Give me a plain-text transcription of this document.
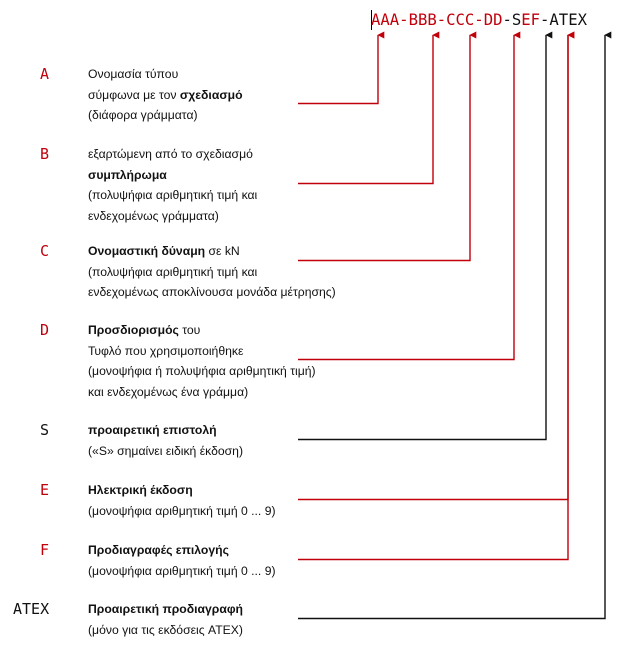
AAA-BBB-CCC-DD-SEF-ATEX
A	Ονομασία τύπου
σύμφωνα με τον σχεδιασμό
(διάφορα γράμματα)
B	εξαρτώμενη από το σχεδιασμό
συμπλήρωμα
(πολυψήφια αριθμητική τιμή και
ενδεχομένως γράμματα)
C	Ονομαστική δύναμη σε kN
(πολυψήφια αριθμητική τιμή και
ενδεχομένως αποκλίνουσα μονάδα μέτρησης)
D	Προσδιορισμός του
Τυφλό που χρησιμοποιήθηκε
(μονοψήφια ή πολυψήφια αριθμητική τιμή)
και ενδεχομένως ένα γράμμα)
S	προαιρετική επιστολή
(«S» σημαίνει ειδική έκδοση)
E	Ηλεκτρική έκδοση
(μονοψήφια αριθμητική τιμή 0 ... 9)
F	Προδιαγραφές επιλογής
(μονοψήφια αριθμητική τιμή 0 ... 9)
ATEX	Προαιρετική προδιαγραφή
(μόνο για τις εκδόσεις ATEX)
